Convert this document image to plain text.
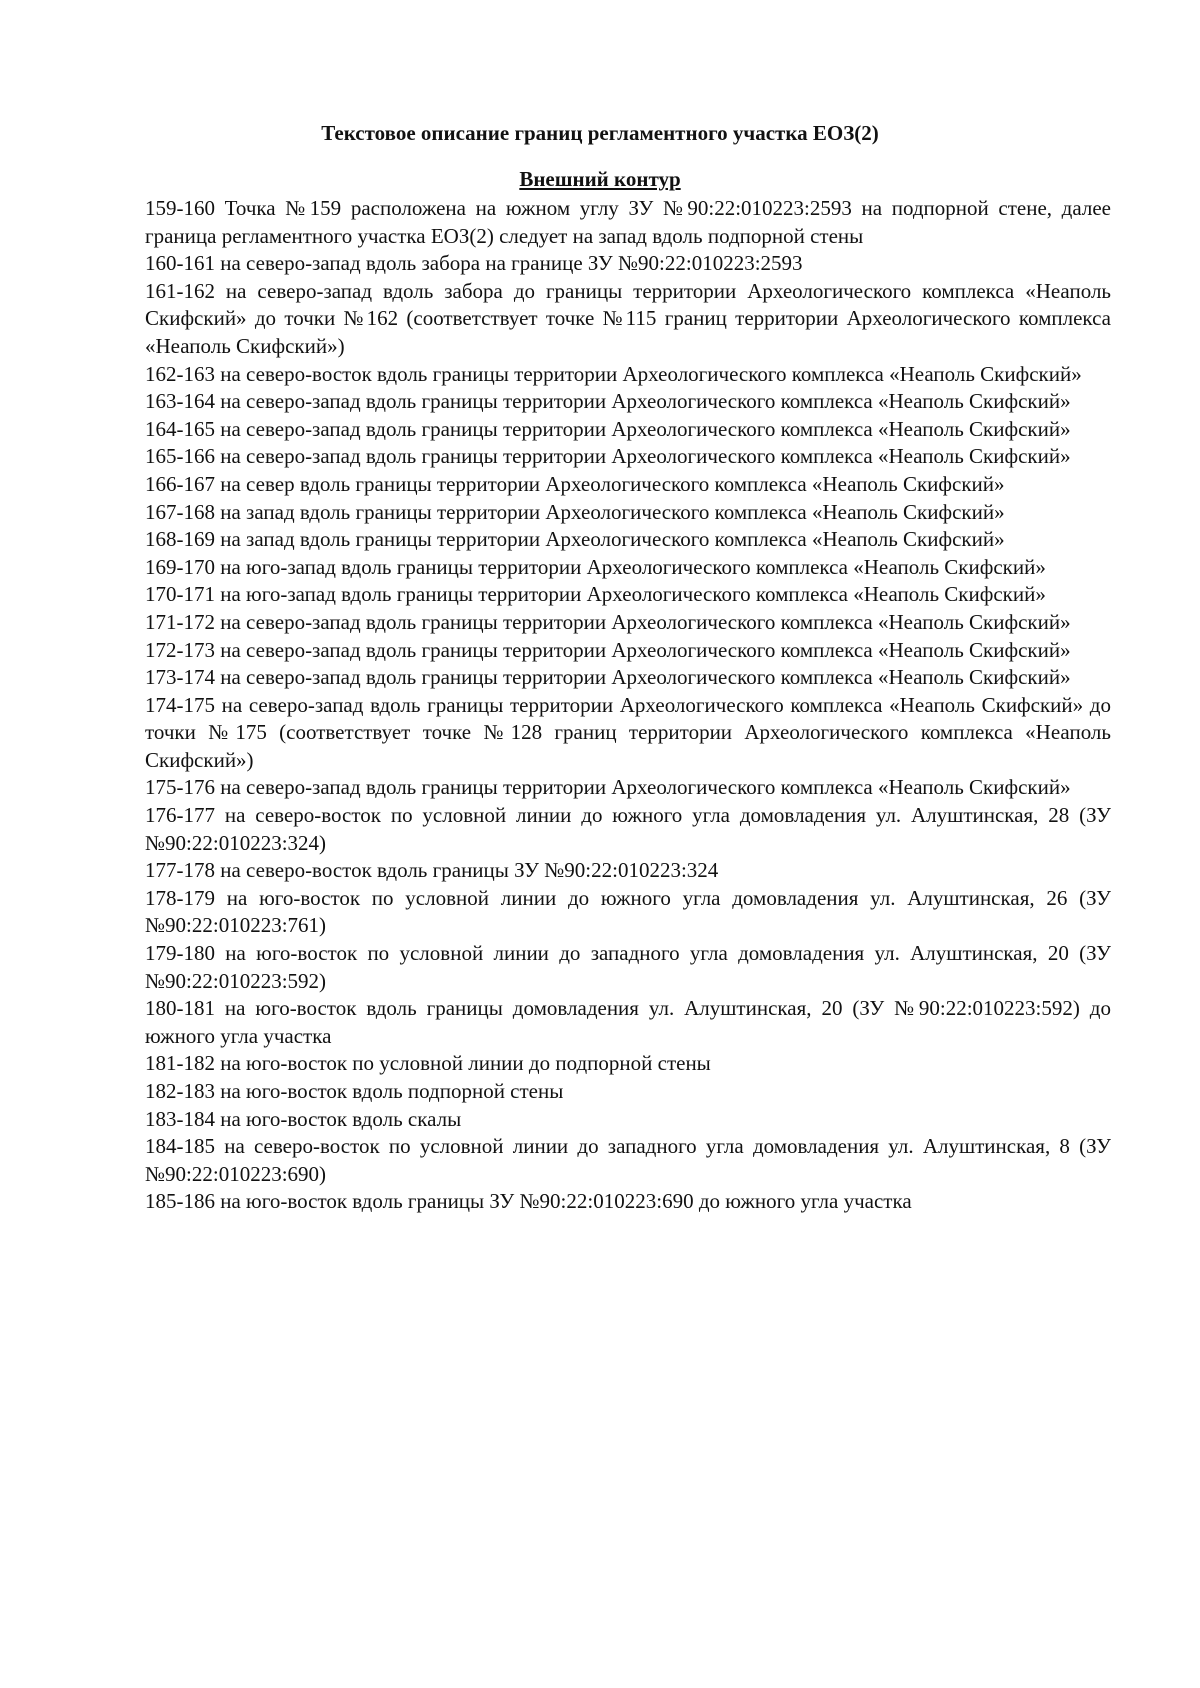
Текстовое описание границ регламентного участка ЕОЗ(2)
Внешний контур

159-160 Точка №159 расположена на южном углу ЗУ №90:22:010223:2593 на подпорной стене, далее граница регламентного участка ЕОЗ(2) следует на запад вдоль подпорной стены

160-161 на северо-запад вдоль забора на границе ЗУ №90:22:010223:2593

161-162 на северо-запад вдоль забора до границы территории Археологического комплекса «Неаполь Скифский» до точки №162 (соответствует точке №115 границ территории Археологического комплекса «Неаполь Скифский»)

162-163 на северо-восток вдоль границы территории Археологического комплекса «Неаполь Скифский»

163-164 на северо-запад вдоль границы территории Археологического комплекса «Неаполь Скифский»

164-165 на северо-запад вдоль границы территории Археологического комплекса «Неаполь Скифский»

165-166 на северо-запад вдоль границы территории Археологического комплекса «Неаполь Скифский»

166-167 на север вдоль границы территории Археологического комплекса «Неаполь Скифский»

167-168 на запад вдоль границы территории Археологического комплекса «Неаполь Скифский»

168-169 на запад вдоль границы территории Археологического комплекса «Неаполь Скифский»

169-170 на юго-запад вдоль границы территории Археологического комплекса «Неаполь Скифский»

170-171 на юго-запад вдоль границы территории Археологического комплекса «Неаполь Скифский»

171-172 на северо-запад вдоль границы территории Археологического комплекса «Неаполь Скифский»

172-173 на северо-запад вдоль границы территории Археологического комплекса «Неаполь Скифский»

173-174 на северо-запад вдоль границы территории Археологического комплекса «Неаполь Скифский»

174-175 на северо-запад вдоль границы территории Археологического комплекса «Неаполь Скифский» до точки №175 (соответствует точке №128 границ территории Археологического комплекса «Неаполь Скифский»)

175-176 на северо-запад вдоль границы территории Археологического комплекса «Неаполь Скифский»

176-177 на северо-восток по условной линии до южного угла домовладения ул. Алуштинская, 28 (ЗУ №90:22:010223:324)

177-178 на северо-восток вдоль границы ЗУ №90:22:010223:324

178-179 на юго-восток по условной линии до южного угла домовладения ул. Алуштинская, 26 (ЗУ №90:22:010223:761)

179-180 на юго-восток по условной линии до западного угла домовладения ул. Алуштинская, 20 (ЗУ №90:22:010223:592)

180-181 на юго-восток вдоль границы домовладения ул. Алуштинская, 20 (ЗУ №90:22:010223:592) до южного угла участка

181-182 на юго-восток по условной линии до подпорной стены

182-183 на юго-восток вдоль подпорной стены

183-184 на юго-восток вдоль скалы

184-185 на северо-восток по условной линии до западного угла домовладения ул. Алуштинская, 8 (ЗУ №90:22:010223:690)

185-186 на юго-восток вдоль границы ЗУ №90:22:010223:690 до южного угла участка
